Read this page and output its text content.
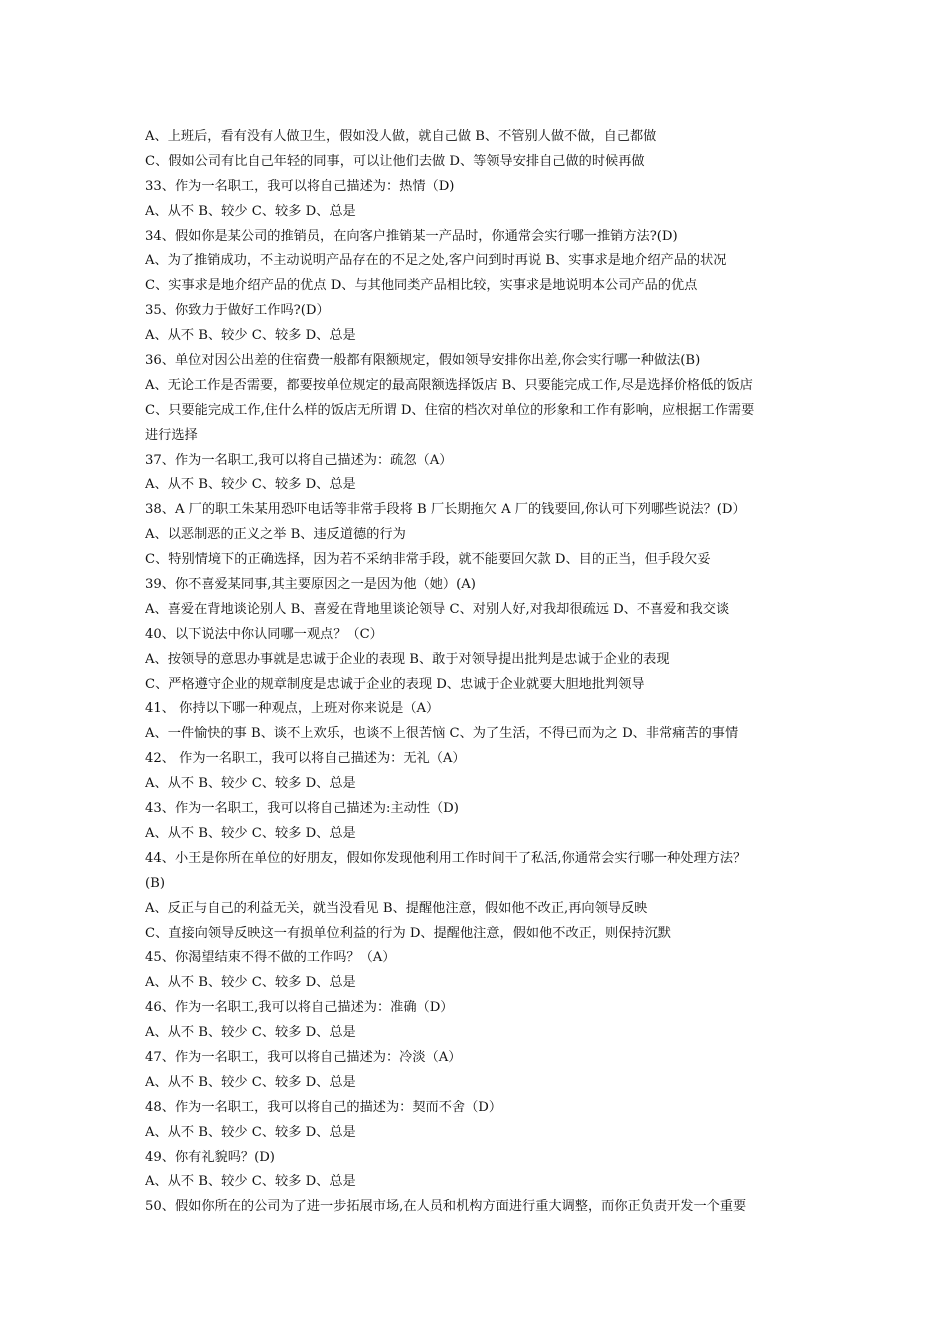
A、上班后，看有没有人做卫生，假如没人做，就自己做 B、不管别人做不做，自己都做
C、假如公司有比自己年轻的同事，可以让他们去做 D、等领导安排自己做的时候再做
33、作为一名职工，我可以将自己描述为：热情（D)
A、从不 B、较少 C、较多 D、总是
34、假如你是某公司的推销员，在向客户推销某一产品时，你通常会实行哪一推销方法?(D)
A、为了推销成功，不主动说明产品存在的不足之处,客户问到时再说 B、实事求是地介绍产品的状况
C、实事求是地介绍产品的优点 D、与其他同类产品相比较，实事求是地说明本公司产品的优点
35、你致力于做好工作吗?(D）
A、从不 B、较少 C、较多 D、总是
36、单位对因公出差的住宿费一般都有限额规定，假如领导安排你出差,你会实行哪一种做法(B)
A、无论工作是否需要，都要按单位规定的最高限额选择饭店 B、只要能完成工作,尽是选择价格低的饭店
C、只要能完成工作,住什么样的饭店无所谓 D、住宿的档次对单位的形象和工作有影响，应根据工作需要
进行选择
37、作为一名职工,我可以将自己描述为：疏忽（A）
A、从不 B、较少 C、较多 D、总是
38、A 厂的职工朱某用恐吓电话等非常手段将 B 厂长期拖欠 A 厂的钱要回,你认可下列哪些说法？(D）
A、以恶制恶的正义之举 B、违反道德的行为
C、特别情境下的正确选择，因为若不采纳非常手段，就不能要回欠款 D、目的正当，但手段欠妥
39、你不喜爱某同事,其主要原因之一是因为他（她）(A)
A、喜爱在背地谈论别人 B、喜爱在背地里谈论领导 C、对别人好,对我却很疏远 D、不喜爱和我交谈
40、以下说法中你认同哪一观点？（C）
A、按领导的意思办事就是忠诚于企业的表现 B、敢于对领导提出批判是忠诚于企业的表现
C、严格遵守企业的规章制度是忠诚于企业的表现 D、忠诚于企业就要大胆地批判领导
41、 你持以下哪一种观点，上班对你来说是（A）
A、一件愉快的事 B、谈不上欢乐，也谈不上很苦恼 C、为了生活，不得已而为之 D、非常痛苦的事情
42、 作为一名职工，我可以将自己描述为：无礼（A）
A、从不 B、较少 C、较多 D、总是
43、作为一名职工，我可以将自己描述为:主动性（D)
A、从不 B、较少 C、较多 D、总是
44、小王是你所在单位的好朋友，假如你发现他利用工作时间干了私活,你通常会实行哪一种处理方法？
(B)
A、反正与自己的利益无关，就当没看见 B、提醒他注意，假如他不改正,再向领导反映
C、直接向领导反映这一有损单位利益的行为 D、提醒他注意，假如他不改正，则保持沉默
45、你渴望结束不得不做的工作吗？（A）
A、从不 B、较少 C、较多 D、总是
46、作为一名职工,我可以将自己描述为：准确（D）
A、从不 B、较少 C、较多 D、总是
47、作为一名职工，我可以将自己描述为：冷淡（A）
A、从不 B、较少 C、较多 D、总是
48、作为一名职工，我可以将自己的描述为：契而不舍（D）
A、从不 B、较少 C、较多 D、总是
49、你有礼貌吗？(D)
A、从不 B、较少 C、较多 D、总是
50、假如你所在的公司为了进一步拓展市场,在人员和机构方面进行重大调整，而你正负责开发一个重要
